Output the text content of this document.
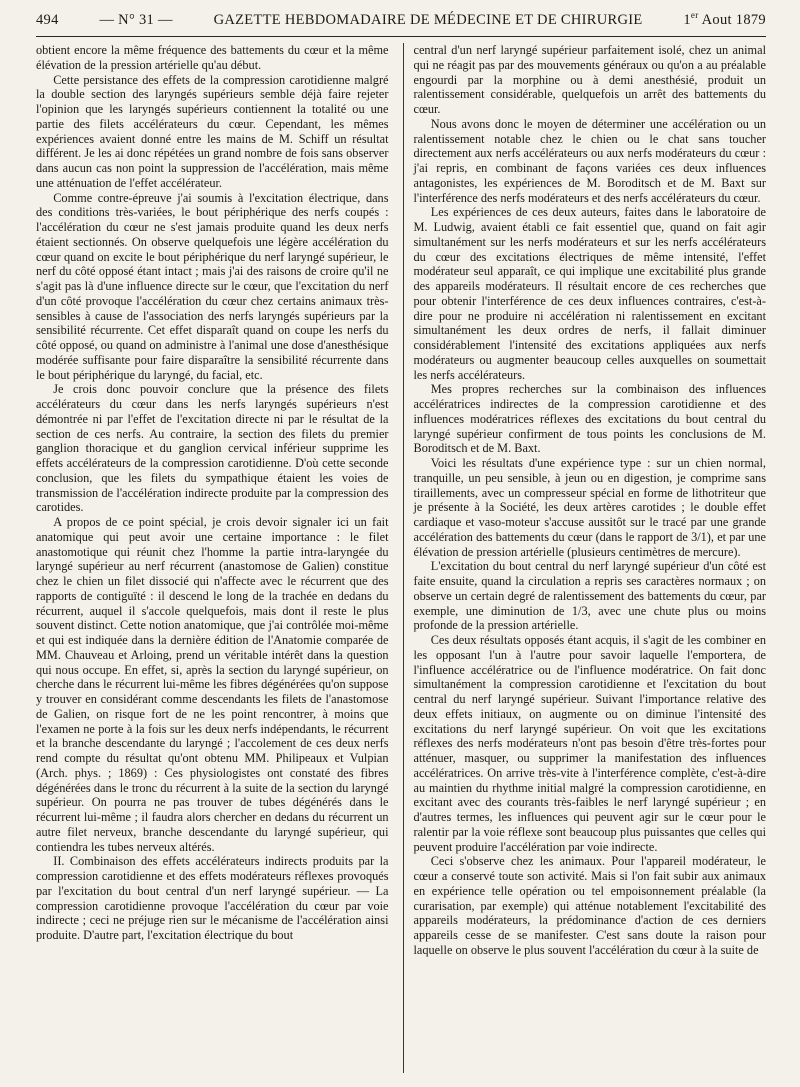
494	— N° 31 —	GAZETTE HEBDOMADAIRE DE MÉDECINE ET DE CHIRURGIE	1er Aout 1879

obtient encore la même fréquence des battements du cœur et la même élévation de la pression artérielle qu'au début.

Cette persistance des effets de la compression carotidienne malgré la double section des laryngés supérieurs semble déjà faire rejeter l'opinion que les laryngés supérieurs contiennent la totalité ou une partie des filets accélérateurs du cœur. Cependant, les mêmes expériences avaient donné entre les mains de M. Schiff un résultat différent. Je les ai donc répétées un grand nombre de fois sans observer dans aucun cas non point la suppression de l'accélération, mais même une atténuation de l'effet accélérateur.

Comme contre-épreuve j'ai soumis à l'excitation électrique, dans des conditions très-variées, le bout périphérique des nerfs coupés : l'accélération du cœur ne s'est jamais produite quand les deux nerfs étaient sectionnés. On observe quelquefois une légère accélération du cœur quand on excite le bout périphérique du nerf laryngé supérieur, le nerf du côté opposé étant intact ; mais j'ai des raisons de croire qu'il ne s'agit pas là d'une influence directe sur le cœur, que l'excitation du nerf d'un côté provoque l'accélération du cœur chez certains animaux très-sensibles à cause de l'association des nerfs laryngés supérieurs par la sensibilité récurrente. Cet effet disparaît quand on coupe les nerfs du côté opposé, ou quand on administre à l'animal une dose d'anesthésique modérée suffisante pour faire disparaître la sensibilité récurrente dans le bout périphérique du laryngé, du facial, etc.

Je crois donc pouvoir conclure que la présence des filets accélérateurs du cœur dans les nerfs laryngés supérieurs n'est démontrée ni par l'effet de l'excitation directe ni par le résultat de la section de ces nerfs. Au contraire, la section des filets du premier ganglion thoracique et du ganglion cervical inférieur supprime les effets accélérateurs de la compression carotidienne. D'où cette seconde conclusion, que les filets du sympathique étaient les voies de transmission de l'accélération indirecte produite par la compression des carotides.

A propos de ce point spécial, je crois devoir signaler ici un fait anatomique qui peut avoir une certaine importance : le filet anastomotique qui réunit chez l'homme la partie intra-laryngée du laryngé supérieur au nerf récurrent (anastomose de Galien) constitue chez le chien un filet dissocié qui n'affecte avec le récurrent que des rapports de contiguïté : il descend le long de la trachée en dedans du récurrent, auquel il s'accole quelquefois, mais dont il reste le plus souvent distinct. Cette notion anatomique, que j'ai contrôlée moi-même et qui est indiquée dans la dernière édition de l'Anatomie comparée de MM. Chauveau et Arloing, prend un véritable intérêt dans la question qui nous occupe. En effet, si, après la section du laryngé supérieur, on cherche dans le récurrent lui-même les fibres dégénérées qu'on suppose y trouver en considérant comme descendants les filets de l'anastomose de Galien, on risque fort de ne les point rencontrer, à moins que l'examen ne porte à la fois sur les deux nerfs indépendants, le récurrent et la branche descendante du laryngé ; l'accolement de ces deux nerfs rend compte du résultat qu'ont obtenu MM. Philipeaux et Vulpian (Arch. phys. ; 1869) : Ces physiologistes ont constaté des fibres dégénérées dans le tronc du récurrent à la suite de la section du laryngé supérieur. On pourra ne pas trouver de tubes dégénérés dans le récurrent lui-même ; il faudra alors chercher en dedans du récurrent un autre filet nerveux, branche descendante du laryngé supérieur, qui contiendra les tubes nerveux altérés.

II. Combinaison des effets accélérateurs indirects produits par la compression carotidienne et des effets modérateurs réflexes provoqués par l'excitation du bout central d'un nerf laryngé supérieur. — La compression carotidienne provoque l'accélération du cœur par voie indirecte ; ceci ne préjuge rien sur le mécanisme de l'accélération ainsi produite. D'autre part, l'excitation électrique du bout

central d'un nerf laryngé supérieur parfaitement isolé, chez un animal qui ne réagit pas par des mouvements généraux ou qu'on a au préalable engourdi par la morphine ou à demi anesthésié, produit un ralentissement considérable, quelquefois un arrêt des battements du cœur.

Nous avons donc le moyen de déterminer une accélération ou un ralentissement notable chez le chien ou le chat sans toucher directement aux nerfs accélérateurs ou aux nerfs modérateurs du cœur : j'ai repris, en combinant de façons variées ces deux influences antagonistes, les expériences de M. Boroditsch et de M. Baxt sur l'interférence des nerfs modérateurs et des nerfs accélérateurs du cœur.

Les expériences de ces deux auteurs, faites dans le laboratoire de M. Ludwig, avaient établi ce fait essentiel que, quand on fait agir simultanément sur les nerfs modérateurs et sur les nerfs accélérateurs du cœur des excitations électriques de même intensité, l'effet modérateur seul apparaît, ce qui implique une excitabilité plus grande des appareils modérateurs. Il résultait encore de ces recherches que pour obtenir l'interférence de ces deux influences contraires, c'est-à-dire pour ne produire ni accélération ni ralentissement en excitant simultanément les deux ordres de nerfs, il fallait diminuer considérablement l'intensité des excitations appliquées aux nerfs modérateurs ou augmenter beaucoup celles auxquelles on soumettait les nerfs accélérateurs.

Mes propres recherches sur la combinaison des influences accélératrices indirectes de la compression carotidienne et des influences modératrices réflexes des excitations du bout central du laryngé supérieur confirment de tous points les conclusions de M. Boroditsch et de M. Baxt.

Voici les résultats d'une expérience type : sur un chien normal, tranquille, un peu sensible, à jeun ou en digestion, je comprime sans tiraillements, avec un compresseur spécial en forme de lithotriteur que je présente à la Société, les deux artères carotides ; le double effet cardiaque et vaso-moteur s'accuse aussitôt sur le tracé par une grande accélération des battements du cœur (dans le rapport de 3/1), et par une élévation de pression artérielle (plusieurs centimètres de mercure).

L'excitation du bout central du nerf laryngé supérieur d'un côté est faite ensuite, quand la circulation a repris ses caractères normaux ; on observe un certain degré de ralentissement des battements du cœur, par exemple, une diminution de 1/3, avec une chute plus ou moins profonde de la pression artérielle.

Ces deux résultats opposés étant acquis, il s'agit de les combiner en les opposant l'un à l'autre pour savoir laquelle l'emportera, de l'influence accélératrice ou de l'influence modératrice. On fait donc simultanément la compression carotidienne et l'excitation du bout central du nerf laryngé supérieur. Suivant l'importance relative des deux effets initiaux, on augmente ou on diminue l'intensité des excitations du nerf laryngé supérieur. On voit que les excitations réflexes des nerfs modérateurs n'ont pas besoin d'être très-fortes pour atténuer, masquer, ou supprimer la manifestation des influences accélératrices. On arrive très-vite à l'interférence complète, c'est-à-dire au maintien du rhythme initial malgré la compression carotidienne, en excitant avec des courants très-faibles le nerf laryngé supérieur ; en d'autres termes, les influences qui peuvent agir sur le cœur pour le ralentir par la voie réflexe sont beaucoup plus puissantes que celles qui peuvent produire l'accélération par voie indirecte.

Ceci s'observe chez les animaux. Pour l'appareil modérateur, le cœur a conservé toute son activité. Mais si l'on fait subir aux animaux en expérience telle opération ou tel empoisonnement préalable (la curarisation, par exemple) qui atténue notablement l'excitabilité des appareils modérateurs, la prédominance d'action de ces derniers appareils cesse de se manifester. C'est sans doute la raison pour laquelle on observe le plus souvent l'accélération du cœur à la suite de
